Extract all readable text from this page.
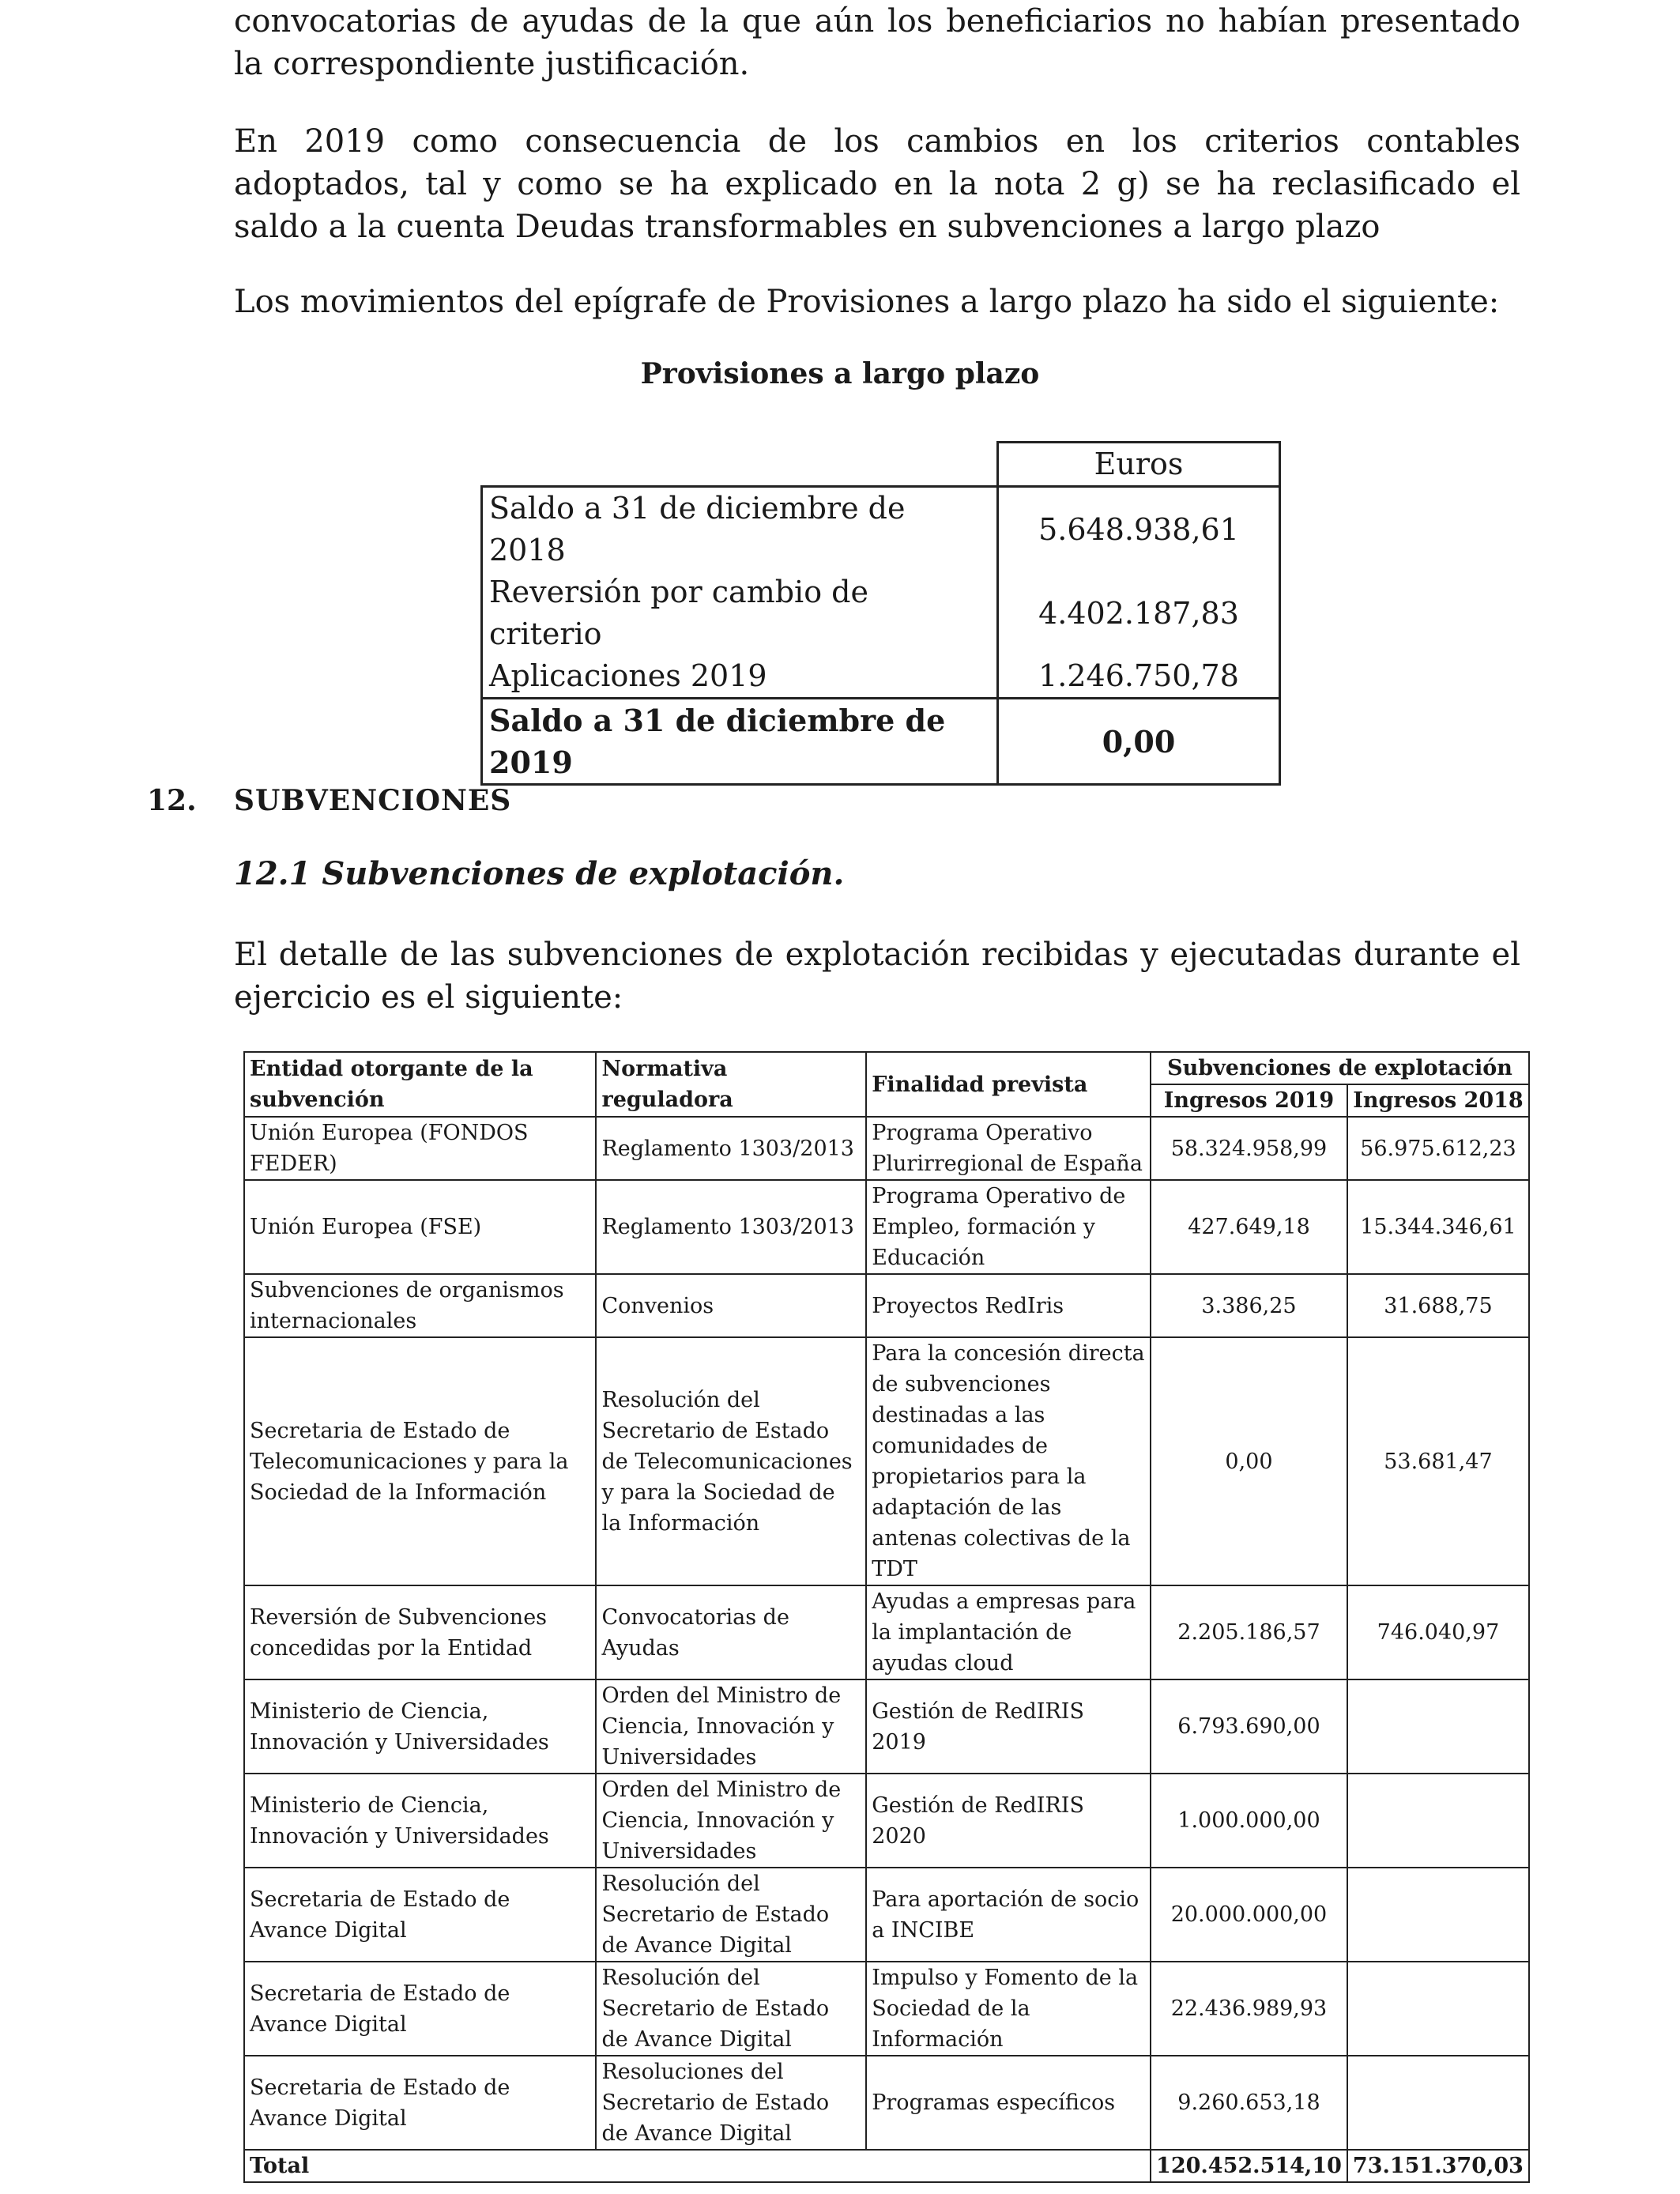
convocatorias de ayudas de la que aún los beneficiarios no habían presentado la correspondiente justificación.

En 2019 como consecuencia de los cambios en los criterios contables adoptados, tal y como se ha explicado en la nota 2 g) se ha reclasificado el saldo a la cuenta Deudas transformables en subvenciones a largo plazo

Los movimientos del epígrafe de Provisiones a largo plazo ha sido el siguiente:

Provisiones a largo plazo
	Euros
Saldo a 31 de diciembre de 2018	5.648.938,61
Reversión por cambio de criterio	4.402.187,83
Aplicaciones 2019	1.246.750,78
Saldo a 31 de diciembre de 2019	0,00
12. SUBVENCIONES
12.1 Subvenciones de explotación.

El detalle de las subvenciones de explotación recibidas y ejecutadas durante el ejercicio es el siguiente:

Entidad otorgante de la subvención	Normativa reguladora	Finalidad prevista	Subvenciones de explotación	
			Ingresos 2019	Ingresos 2018
Unión Europea (FONDOS FEDER)	Reglamento 1303/2013	Programa Operativo Plurirregional de España	58.324.958,99	56.975.612,23
Unión Europea (FSE)	Reglamento 1303/2013	Programa Operativo de Empleo, formación y Educación	427.649,18	15.344.346,61
Subvenciones de organismos internacionales	Convenios	Proyectos RedIris	3.386,25	31.688,75
Secretaria de Estado de Telecomunicaciones y para la Sociedad de la Información	Resolución del Secretario de Estado de Telecomunicaciones y para la Sociedad de la Información	Para la concesión directa de subvenciones destinadas a las comunidades de propietarios para la adaptación de las antenas colectivas de la TDT	0,00	53.681,47
Reversión de Subvenciones concedidas por la Entidad	Convocatorias de Ayudas	Ayudas a empresas para la implantación de ayudas cloud	2.205.186,57	746.040,97
Ministerio de Ciencia, Innovación y Universidades	Orden del Ministro de Ciencia, Innovación y Universidades	Gestión de RedIRIS 2019	6.793.690,00	
Ministerio de Ciencia, Innovación y Universidades	Orden del Ministro de Ciencia, Innovación y Universidades	Gestión de RedIRIS 2020	1.000.000,00	
Secretaria de Estado de Avance Digital	Resolución del Secretario de Estado de Avance Digital	Para aportación de socio a INCIBE	20.000.000,00	
Secretaria de Estado de Avance Digital	Resolución del Secretario de Estado de Avance Digital	Impulso y Fomento de la Sociedad de la Información	22.436.989,93	
Secretaria de Estado de Avance Digital	Resoluciones del Secretario de Estado de Avance Digital	Programas específicos	9.260.653,18	
Total			120.452.514,10	73.151.370,03
